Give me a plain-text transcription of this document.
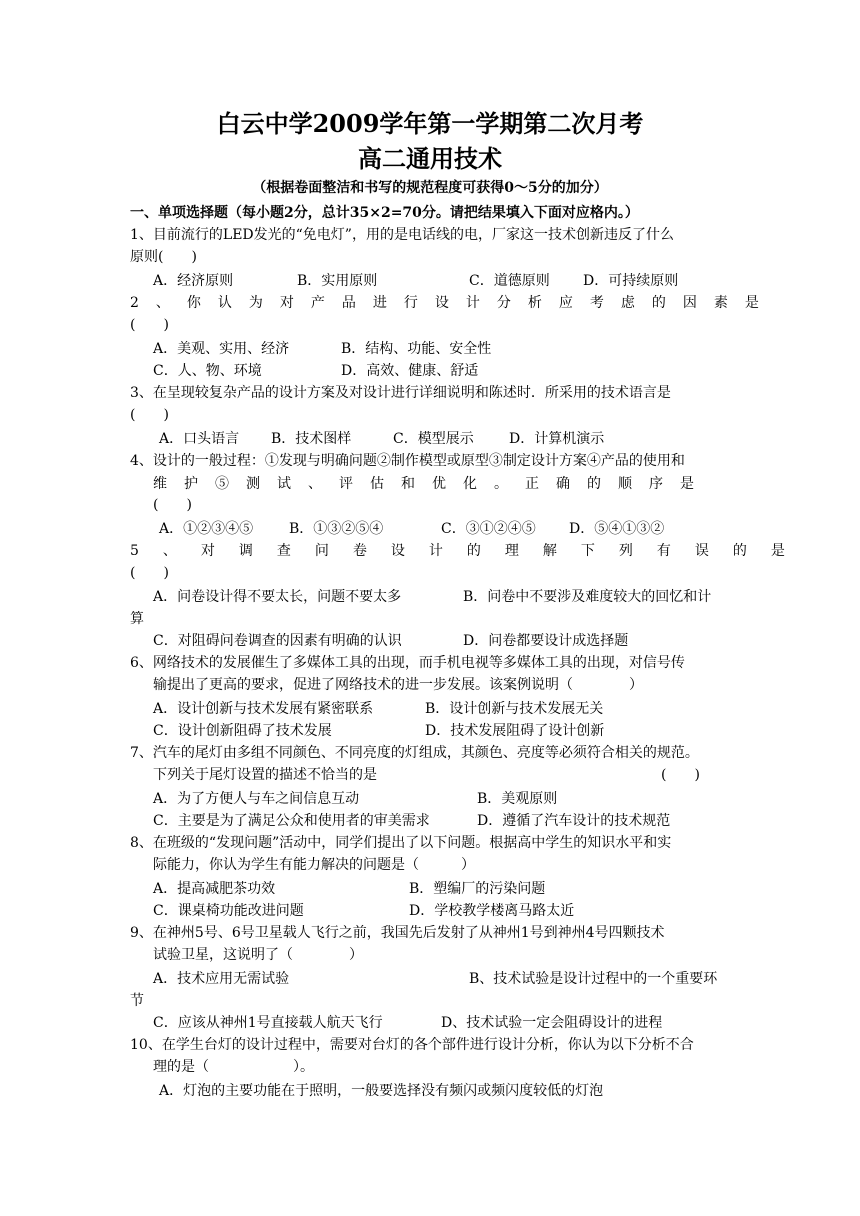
白云中学2009学年第一学期第二次月考
高二通用技术
（根据卷面整洁和书写的规范程度可获得0～5分的加分）
一、单项选择题（每小题2分，总计35×2=70分。请把结果填入下面对应格内。）
1、目前流行的LED发光的“免电灯”，用的是电话线的电，厂家这一技术创新违反了什么
原则(　　)
A．经济原则	B．实用原则	C．道德原则 D．可持续原则
2、你认为对产品进行设计分析应考虑的因素是
(　　)
A．美观、实用、经济	B．结构、功能、安全性
C．人、物、环境	D．高效、健康、舒适
3、在呈现较复杂产品的设计方案及对设计进行详细说明和陈述时．所采用的技术语言是
(　　)
A．口头语言 B．技术图样	C．模型展示	D．计算机演示
4、设计的一般过程：①发现与明确问题②制作模型或原型③制定设计方案④产品的使用和
维护⑤测试、评估和优化。正确的顺序是
(　　)
A．①②③④⑤	B．①③②⑤④	C．③①②④⑤ D．⑤④①③②
5、对调查问卷设计的理解下列有误的是
(　　)
A．问卷设计得不要太长，问题不要太多	B．问卷中不要涉及难度较大的回忆和计
算
C．对阻碍问卷调查的因素有明确的认识	D．问卷都要设计成选择题
6、网络技术的发展催生了多媒体工具的出现，而手机电视等多媒体工具的出现，对信号传
输提出了更高的要求，促进了网络技术的进一步发展。该案例说明（　　　　）
A．设计创新与技术发展有紧密联系	B．设计创新与技术发展无关
C．设计创新阻碍了技术发展	D．技术发展阻碍了设计创新
7、汽车的尾灯由多组不同颜色、不同亮度的灯组成，其颜色、亮度等必须符合相关的规范。
下列关于尾灯设置的描述不恰当的是	(　　)
A．为了方便人与车之间信息互动	B．美观原则
C．主要是为了满足公众和使用者的审美需求	D．遵循了汽车设计的技术规范
8、在班级的“发现问题”活动中，同学们提出了以下问题。根据高中学生的知识水平和实
际能力，你认为学生有能力解决的问题是（　　　）
A．提高减肥茶功效	B．塑编厂的污染问题
C．课桌椅功能改进问题	D．学校教学楼离马路太近
9、在神州5号、6号卫星载人飞行之前，我国先后发射了从神州1号到神州4号四颗技术
试验卫星，这说明了（　　　　）
A．技术应用无需试验	B、技术试验是设计过程中的一个重要环
节
C．应该从神州1号直接载人航天飞行	D、技术试验一定会阻碍设计的进程
10、在学生台灯的设计过程中，需要对台灯的各个部件进行设计分析，你认为以下分析不合
理的是（　　　　　　）。
A．灯泡的主要功能在于照明，一般要选择没有频闪或频闪度较低的灯泡
